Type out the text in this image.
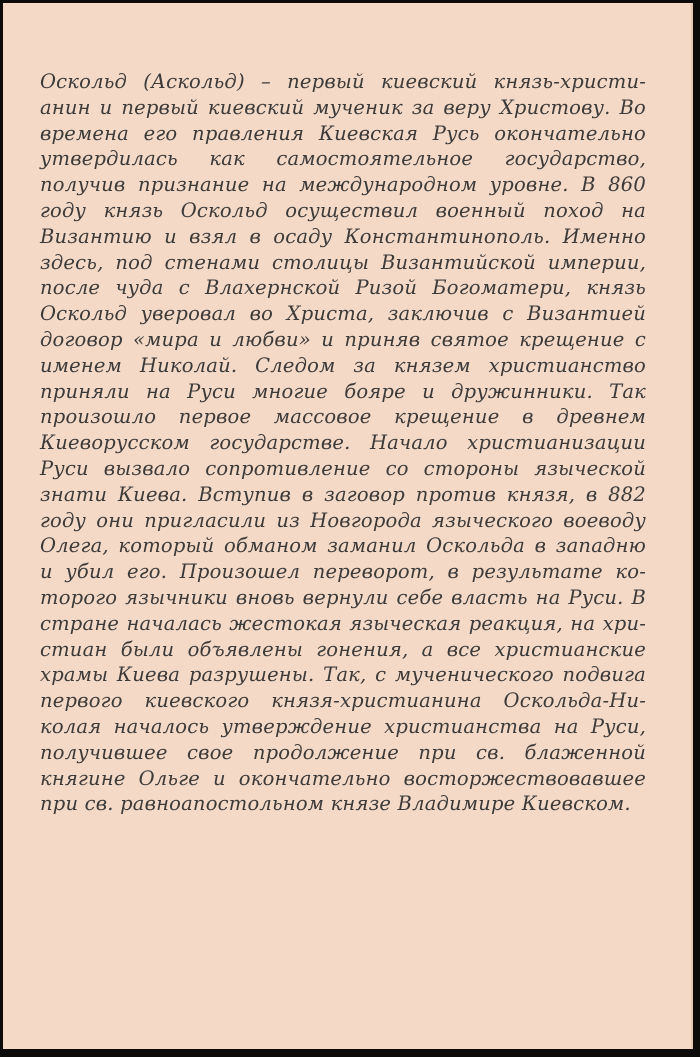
Оскольд (Аскольд) – первый киевский князь-христи-
анин и первый киевский мученик за веру Христову. Во
времена его правления Киевская Русь окончательно
утвердилась как самостоятельное государство,
получив признание на международном уровне. В 860
году князь Оскольд осуществил военный поход на
Византию и взял в осаду Константинополь. Именно
здесь, под стенами столицы Византийской империи,
после чуда с Влахернской Ризой Богоматери, князь
Оскольд уверовал во Христа, заключив с Византией
договор «мира и любви» и приняв святое крещение с
именем Николай. Следом за князем христианство
приняли на Руси многие бояре и дружинники. Так
произошло первое массовое крещение в древнем
Киеворусском государстве. Начало христианизации
Руси вызвало сопротивление со стороны языческой
знати Киева. Вступив в заговор против князя, в 882
году они пригласили из Новгорода языческого воеводу
Олега, который обманом заманил Оскольда в западню
и убил его. Произошел переворот, в результате ко-
торого язычники вновь вернули себе власть на Руси. В
стране началась жестокая языческая реакция, на хри-
стиан были объявлены гонения, а все христианские
храмы Киева разрушены. Так, с мученического подвига
первого киевского князя-христианина Оскольда-Ни-
колая началось утверждение христианства на Руси,
получившее свое продолжение при св. блаженной
княгине Ольге и окончательно восторжествовавшее
при св. равноапостольном князе Владимире Киевском.
